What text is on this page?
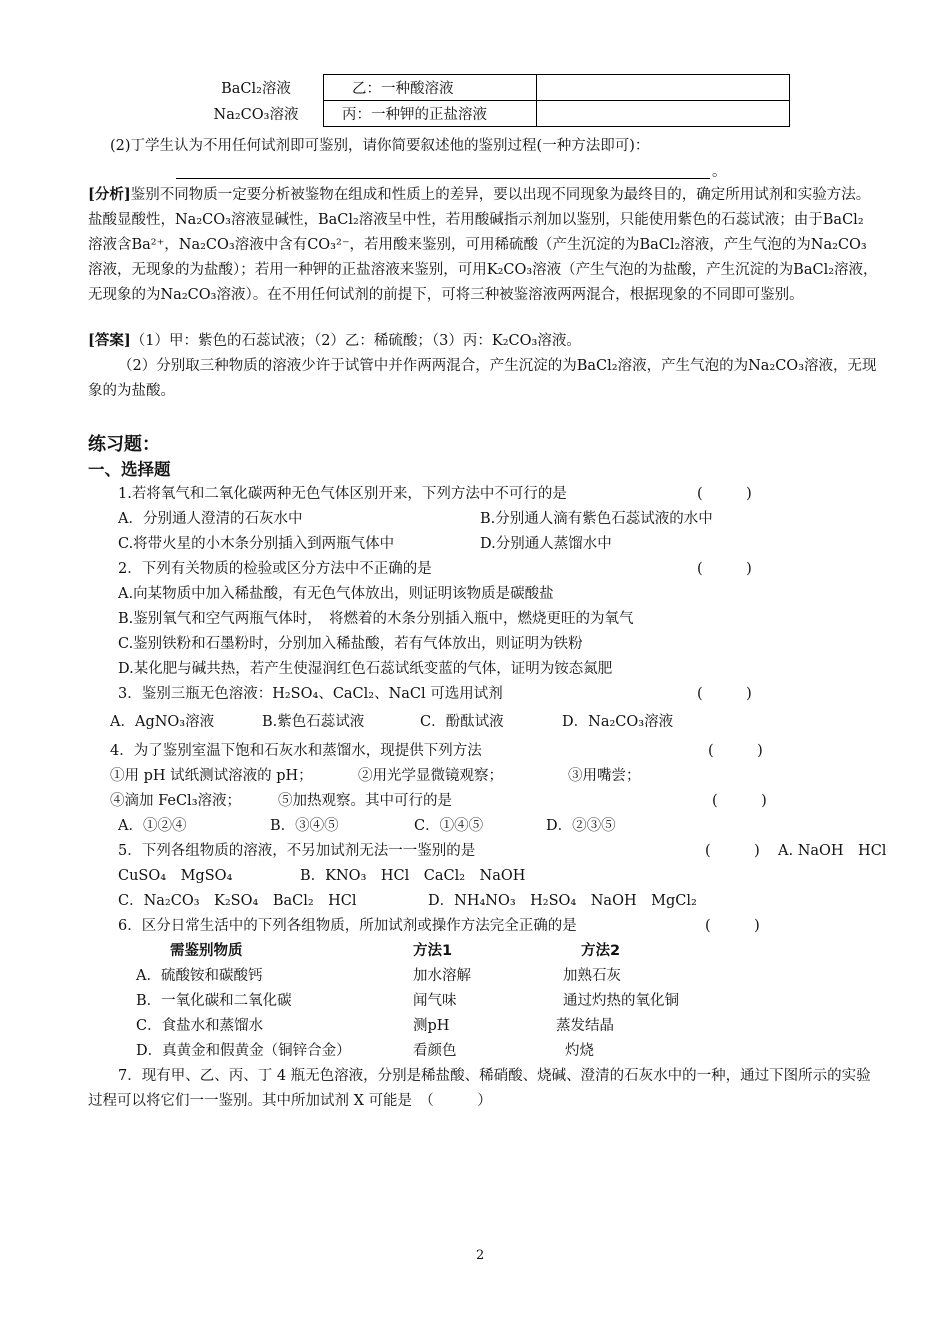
BaCl₂溶液	乙：一种酸溶液	
Na₂CO₃溶液	丙：一种钾的正盐溶液	
(2)丁学生认为不用任何试剂即可鉴别，请你简要叙述他的鉴别过程(一种方法即可)：
。
[分析]鉴别不同物质一定要分析被鉴物在组成和性质上的差异，要以出现不同现象为最终目的，确定所用试剂和实验方法。盐酸显酸性，Na₂CO₃溶液显碱性，BaCl₂溶液呈中性，若用酸碱指示剂加以鉴别，只能使用紫色的石蕊试液；由于BaCl₂溶液含Ba²⁺，Na₂CO₃溶液中含有CO₃²⁻，若用酸来鉴别，可用稀硫酸（产生沉淀的为BaCl₂溶液，产生气泡的为Na₂CO₃溶液，无现象的为盐酸）；若用一种钾的正盐溶液来鉴别，可用K₂CO₃溶液（产生气泡的为盐酸，产生沉淀的为BaCl₂溶液，无现象的为Na₂CO₃溶液）。在不用任何试剂的前提下，可将三种被鉴溶液两两混合，根据现象的不同即可鉴别。
[答案]（1）甲：紫色的石蕊试液；（2）乙：稀硫酸；（3）丙：K₂CO₃溶液。
（2）分别取三种物质的溶液少许于试管中并作两两混合，产生沉淀的为BaCl₂溶液，产生气泡的为Na₂CO₃溶液，无现象的为盐酸。
练习题：
一、选择题
1.若将氧气和二氧化碳两种无色气体区别开来，下列方法中不可行的是	(　　　)
A．分别通人澄清的石灰水中	B.分别通人滴有紫色石蕊试液的水中
C.将带火星的小木条分别插入到两瓶气体中	D.分别通人蒸馏水中
2．下列有关物质的检验或区分方法中不正确的是	(　　　)
A.向某物质中加入稀盐酸，有无色气体放出，则证明该物质是碳酸盐
B.鉴别氧气和空气两瓶气体时，　将燃着的木条分别插入瓶中，燃烧更旺的为氧气
C.鉴别铁粉和石墨粉时，分别加入稀盐酸，若有气体放出，则证明为铁粉
D.某化肥与碱共热，若产生使湿润红色石蕊试纸变蓝的气体，证明为铵态氮肥
3．鉴别三瓶无色溶液：H₂SO₄、CaCl₂、NaCl 可选用试剂	(　　　)
A．AgNO₃溶液	B.紫色石蕊试液	C．酚酞试液	D．Na₂CO₃溶液
4．为了鉴别室温下饱和石灰水和蒸馏水，现提供下列方法	(　　　)
①用 pH 试纸测试溶液的 pH；	②用光学显微镜观察；	③用嘴尝；
④滴加 FeCl₃溶液；	⑤加热观察。其中可行的是	(　　　)
A．①②④	B．③④⑤	C．①④⑤	D．②③⑤
5．下列各组物质的溶液，不另加试剂无法一一鉴别的是	(　　　) A. NaOH　HCl
CuSO₄　MgSO₄	B．KNO₃　HCl　CaCl₂　NaOH
C．Na₂CO₃　K₂SO₄　BaCl₂　HCl	D．NH₄NO₃　H₂SO₄　NaOH　MgCl₂
6．区分日常生活中的下列各组物质，所加试剂或操作方法完全正确的是	(　　　)
需鉴别物质	方法1	方法2
A．硫酸铵和碳酸钙	加水溶解	加熟石灰
B．一氧化碳和二氧化碳	闻气味	通过灼热的氧化铜
C．食盐水和蒸馏水	测pH	蒸发结晶
D．真黄金和假黄金（铜锌合金）	看颜色	灼烧
7．现有甲、乙、丙、丁 4 瓶无色溶液，分别是稀盐酸、稀硝酸、烧碱、澄清的石灰水中的一种，通过下图所示的实验过程可以将它们一一鉴别。其中所加试剂 X 可能是　（　　　）
2
